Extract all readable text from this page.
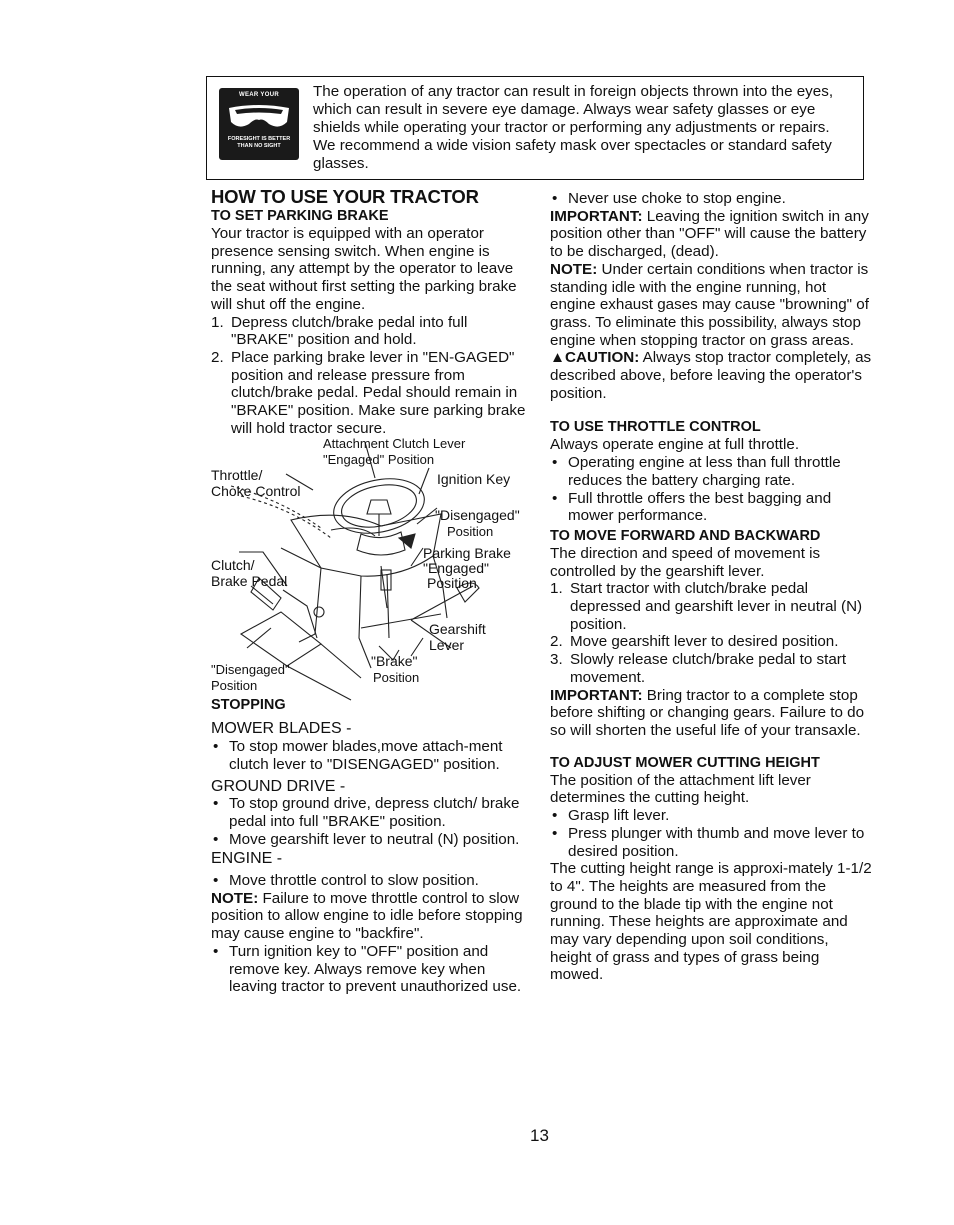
WEAR YOUR
FORESIGHT IS BETTER
THAN NO SIGHT
The operation of any tractor can result in foreign objects thrown into the eyes, which can result in severe eye damage. Always wear safety glasses or eye shields while operating your tractor or performing any adjustments or repairs. We recommend a wide vision safety mask over spectacles or standard safety glasses.
HOW TO USE YOUR TRACTOR
TO SET PARKING BRAKE

Your tractor is equipped with an operator presence sensing switch. When engine is running, any attempt by the operator to leave the seat without first setting the parking brake will shut off the engine.

1. Depress clutch/brake pedal into full "BRAKE" position and hold.
2. Place parking brake lever in "EN-GAGED" position and release pressure from clutch/brake pedal. Pedal should remain in "BRAKE" position. Make sure parking brake will hold tractor secure.
Attachment Clutch Lever
"Engaged" Position
Throttle/
Choke Control
Ignition Key
"Disengaged"
Position
Parking Brake
"Engaged"
Position
Clutch/
Brake Pedal
Gearshift
Lever
"Brake"
Position
"Disengaged"
Position
STOPPING

MOWER BLADES -

• To stop mower blades,move attach-ment clutch lever to "DISENGAGED" position.

GROUND DRIVE -

• To stop ground drive, depress clutch/ brake pedal into full "BRAKE" position.
• Move gearshift lever to neutral (N) position.

ENGINE -

• Move throttle control to slow position.

NOTE: Failure to move throttle control to slow position to allow engine to idle before stopping may cause engine to "backfire".

• Turn ignition key to "OFF" position and remove key. Always remove key when leaving tractor to prevent unauthorized use.
• Never use choke to stop engine.

IMPORTANT: Leaving the ignition switch in any position other than "OFF" will cause the battery to be discharged, (dead).

NOTE: Under certain conditions when tractor is standing idle with the engine running, hot engine exhaust gases may cause "browning" of grass. To eliminate this possibility, always stop engine when stopping tractor on grass areas.

▲CAUTION: Always stop tractor completely, as described above, before leaving the operator's position.

TO USE THROTTLE CONTROL

Always operate engine at full throttle.

• Operating engine at less than full throttle reduces the battery charging rate.
• Full throttle offers the best bagging and mower performance.
TO MOVE FORWARD AND BACKWARD

The direction and speed of movement is controlled by the gearshift lever.

1. Start tractor with clutch/brake pedal depressed and gearshift lever in neutral (N) position.
2. Move gearshift lever to desired position.
3. Slowly release clutch/brake pedal to start movement.

IMPORTANT: Bring tractor to a complete stop before shifting or changing gears. Failure to do so will shorten the useful life of your transaxle.

TO ADJUST MOWER CUTTING HEIGHT

The position of the attachment lift lever determines the cutting height.

• Grasp lift lever.
• Press plunger with thumb and move lever to desired position.

The cutting height range is approxi-mately 1-1/2 to 4". The heights are measured from the ground to the blade tip with the engine not running. These heights are approximate and may vary depending upon soil conditions, height of grass and types of grass being mowed.

13
